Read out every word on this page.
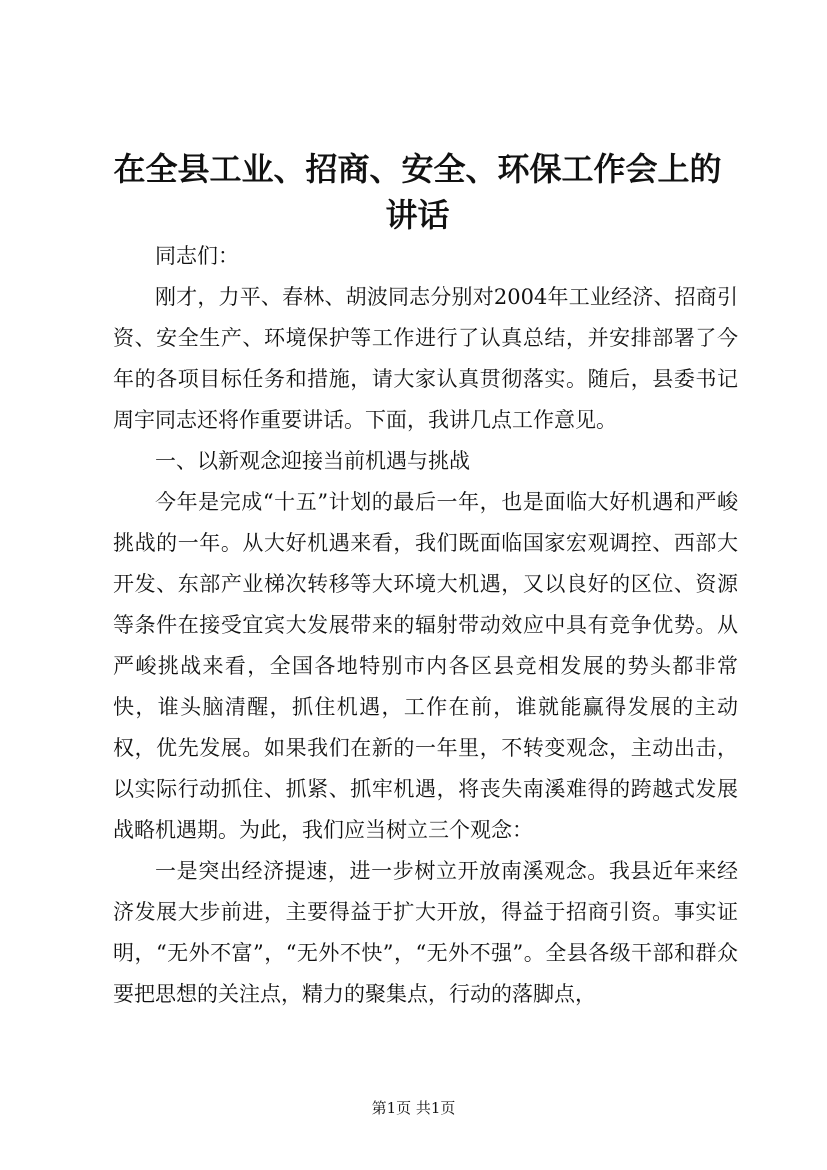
在全县工业、招商、安全、环保工作会上的讲话

同志们：

刚才，力平、春林、胡波同志分别对2004年工业经济、招商引资、安全生产、环境保护等工作进行了认真总结，并安排部署了今年的各项目标任务和措施，请大家认真贯彻落实。随后，县委书记周宇同志还将作重要讲话。下面，我讲几点工作意见。

一、以新观念迎接当前机遇与挑战

今年是完成“十五”计划的最后一年，也是面临大好机遇和严峻挑战的一年。从大好机遇来看，我们既面临国家宏观调控、西部大开发、东部产业梯次转移等大环境大机遇，又以良好的区位、资源等条件在接受宜宾大发展带来的辐射带动效应中具有竞争优势。从严峻挑战来看，全国各地特别市内各区县竞相发展的势头都非常快，谁头脑清醒，抓住机遇，工作在前，谁就能赢得发展的主动权，优先发展。如果我们在新的一年里，不转变观念，主动出击，以实际行动抓住、抓紧、抓牢机遇，将丧失南溪难得的跨越式发展战略机遇期。为此，我们应当树立三个观念：

一是突出经济提速，进一步树立开放南溪观念。我县近年来经济发展大步前进，主要得益于扩大开放，得益于招商引资。事实证明，“无外不富”，“无外不快”，“无外不强”。全县各级干部和群众要把思想的关注点，精力的聚集点，行动的落脚点，

第1页 共1页
